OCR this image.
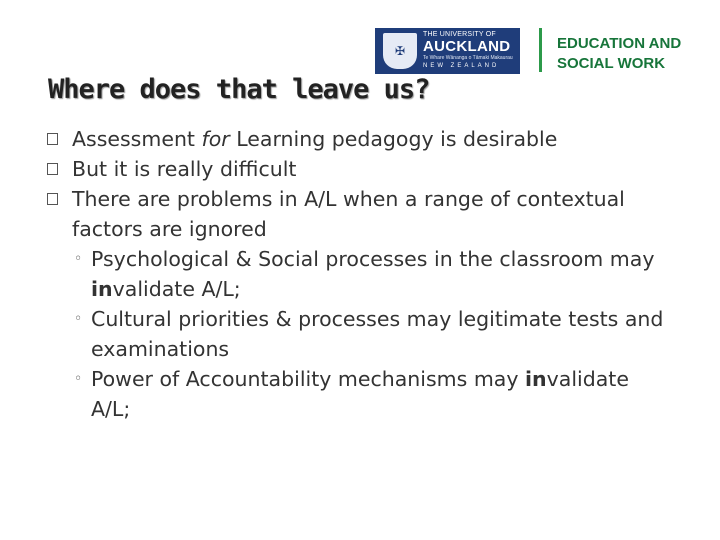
✠
THE UNIVERSITY OF
AUCKLAND
Te Whare Wānanga o Tāmaki Makaurau
NEW ZEALAND
EDUCATION AND
SOCIAL WORK
Where does that leave us?
Assessment for Learning pedagogy is desirable
But it is really difficult
There are problems in A/L when a range of contextual factors are ignored
◦ Psychological & Social processes in the classroom may invalidate A/L;
◦ Cultural priorities & processes may legitimate tests and examinations
◦ Power of Accountability mechanisms may invalidate A/L;
